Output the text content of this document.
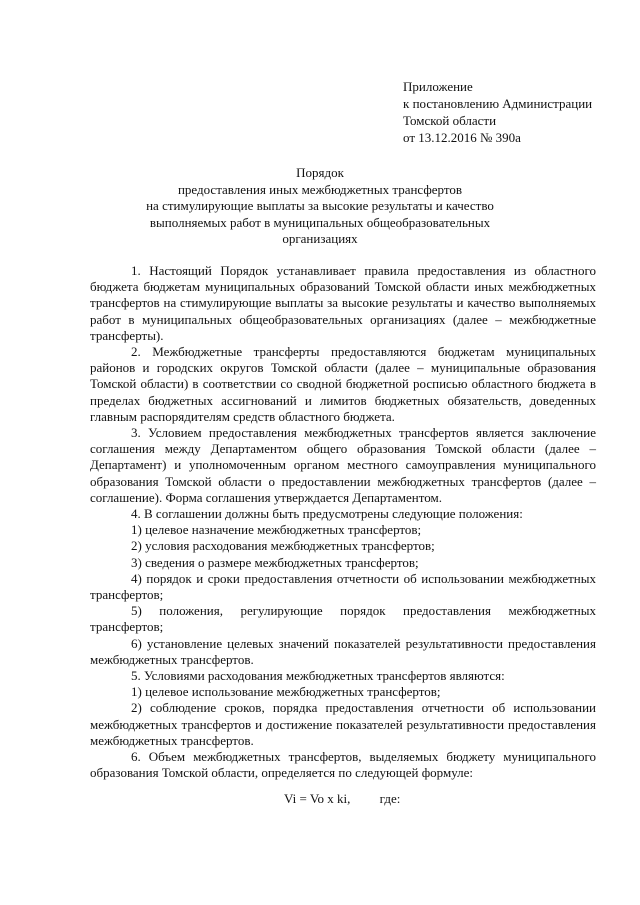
Приложение
к постановлению Администрации
Томской области
от 13.12.2016 № 390а
Порядок
предоставления иных межбюджетных трансфертов
на стимулирующие выплаты за высокие результаты и качество
выполняемых работ в муниципальных общеобразовательных
организациях

1. Настоящий Порядок устанавливает правила предоставления из областного бюджета бюджетам муниципальных образований Томской области иных межбюджетных трансфертов на стимулирующие выплаты за высокие результаты и качество выполняемых работ в муниципальных общеобразовательных организациях (далее – межбюджетные трансферты).

2. Межбюджетные трансферты предоставляются бюджетам муниципальных районов и городских округов Томской области (далее – муниципальные образования Томской области) в соответствии со сводной бюджетной росписью областного бюджета в пределах бюджетных ассигнований и лимитов бюджетных обязательств, доведенных главным распорядителям средств областного бюджета.

3. Условием предоставления межбюджетных трансфертов является заключение соглашения между Департаментом общего образования Томской области (далее – Департамент) и уполномоченным органом местного самоуправления муниципального образования Томской области о предоставлении межбюджетных трансфертов (далее – соглашение). Форма соглашения утверждается Департаментом.

4. В соглашении должны быть предусмотрены следующие положения:

1) целевое назначение межбюджетных трансфертов;

2) условия расходования межбюджетных трансфертов;

3) сведения о размере межбюджетных трансфертов;

4) порядок и сроки предоставления отчетности об использовании межбюджетных трансфертов;

5) положения, регулирующие порядок предоставления межбюджетных трансфертов;

6) установление целевых значений показателей результативности предоставления межбюджетных трансфертов.

5. Условиями расходования межбюджетных трансфертов являются:

1) целевое использование межбюджетных трансфертов;

2) соблюдение сроков, порядка предоставления отчетности об использовании межбюджетных трансфертов и достижение показателей результативности предоставления межбюджетных трансфертов.

6. Объем межбюджетных трансфертов, выделяемых бюджету муниципального образования Томской области, определяется по следующей формуле:

Vi = Vo x ki, где:
